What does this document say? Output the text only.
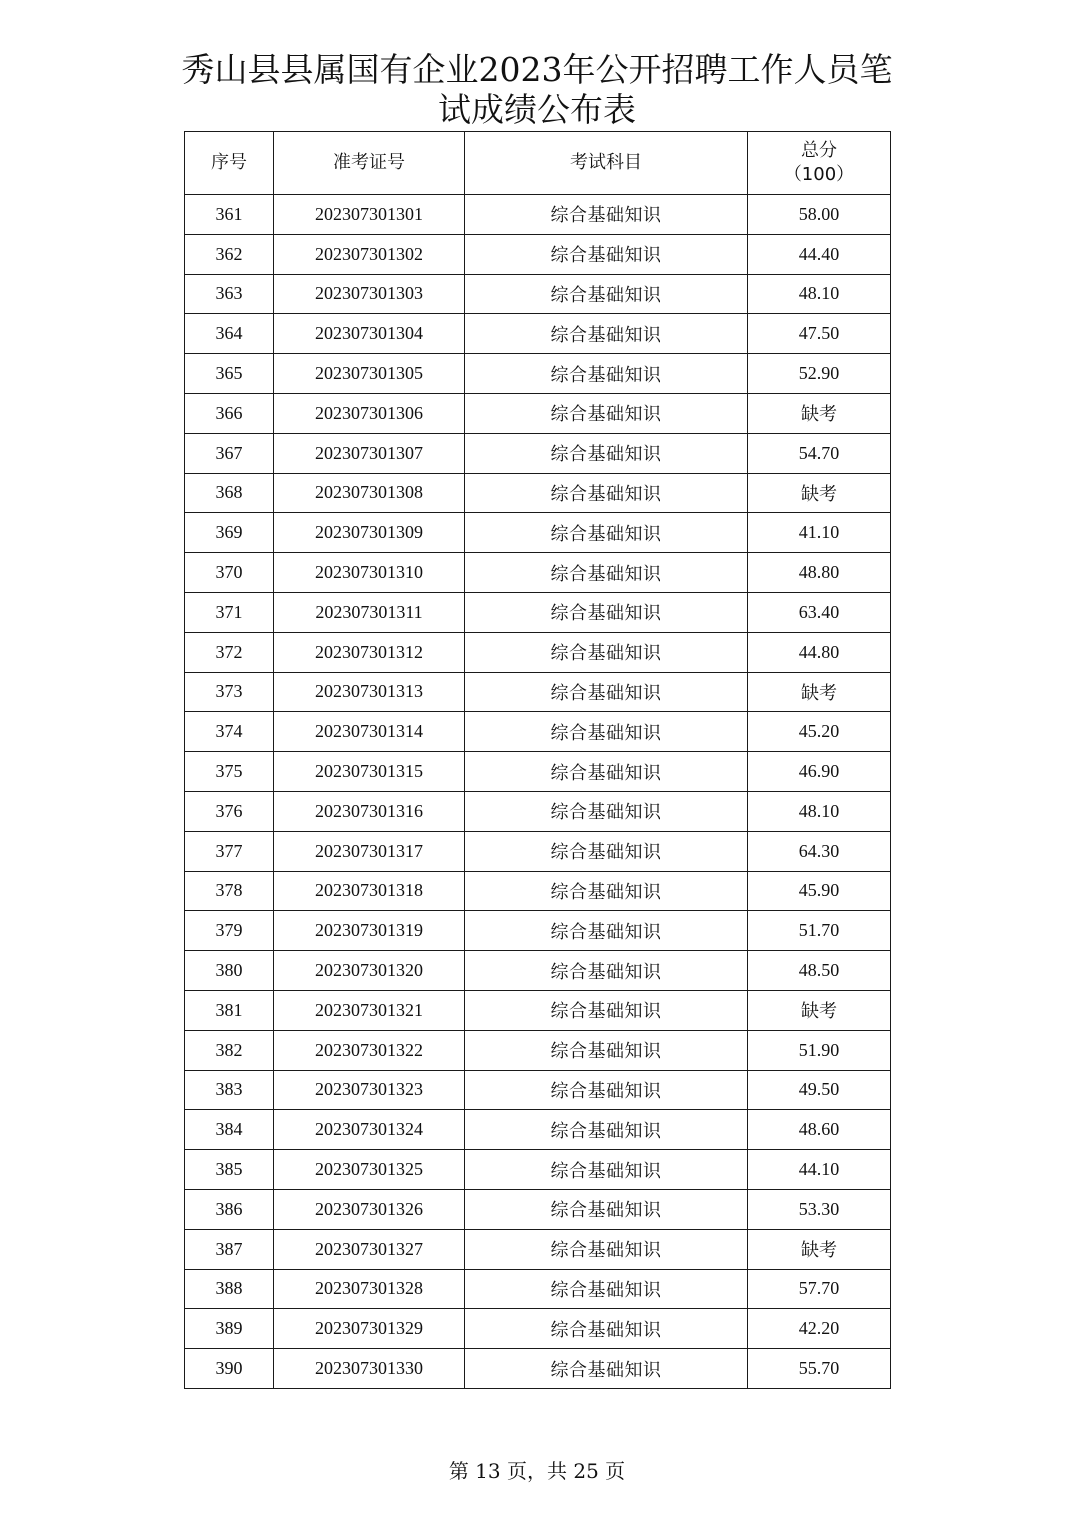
秀山县县属国有企业2023年公开招聘工作人员笔
试成绩公布表
序号	准考证号	考试科目	总分
（100）

361	202307301301	综合基础知识	58.00
362	202307301302	综合基础知识	44.40
363	202307301303	综合基础知识	48.10
364	202307301304	综合基础知识	47.50
365	202307301305	综合基础知识	52.90
366	202307301306	综合基础知识	缺考
367	202307301307	综合基础知识	54.70
368	202307301308	综合基础知识	缺考
369	202307301309	综合基础知识	41.10
370	202307301310	综合基础知识	48.80
371	202307301311	综合基础知识	63.40
372	202307301312	综合基础知识	44.80
373	202307301313	综合基础知识	缺考
374	202307301314	综合基础知识	45.20
375	202307301315	综合基础知识	46.90
376	202307301316	综合基础知识	48.10
377	202307301317	综合基础知识	64.30
378	202307301318	综合基础知识	45.90
379	202307301319	综合基础知识	51.70
380	202307301320	综合基础知识	48.50
381	202307301321	综合基础知识	缺考
382	202307301322	综合基础知识	51.90
383	202307301323	综合基础知识	49.50
384	202307301324	综合基础知识	48.60
385	202307301325	综合基础知识	44.10
386	202307301326	综合基础知识	53.30
387	202307301327	综合基础知识	缺考
388	202307301328	综合基础知识	57.70
389	202307301329	综合基础知识	42.20
390	202307301330	综合基础知识	55.70
第 13 页，共 25 页
